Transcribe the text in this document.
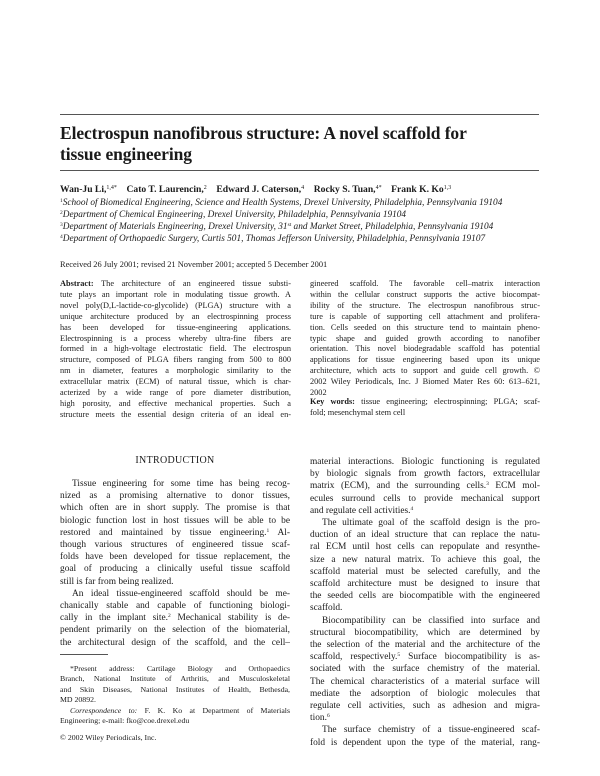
Electrospun nanofibrous structure: A novel scaffold for
tissue engineering
Wan-Ju Li,$^{1,4*}$  Cato T. Laurencin,$^2$  Edward J. Caterson,$^4$  Rocky S. Tuan,$^{4*}$  Frank K. Ko$^{1,3}$
$^1$School of Biomedical Engineering, Science and Health Systems, Drexel University, Philadelphia, Pennsylvania 19104
$^2$Department of Chemical Engineering, Drexel University, Philadelphia, Pennsylvania 19104
$^3$Department of Materials Engineering, Drexel University, 31st and Market Street, Philadelphia, Pennsylvania 19104
$^4$Department of Orthopaedic Surgery, Curtis 501, Thomas Jefferson University, Philadelphia, Pennsylvania 19107
Received 26 July 2001; revised 21 November 2001; accepted 5 December 2001
Abstract: The architecture of an engineered tissue substi-
tute plays an important role in modulating tissue growth. A
novel poly(D,L-lactide-co-glycolide) (PLGA) structure with a
unique architecture produced by an electrospinning process
has been developed for tissue-engineering applications.
Electrospinning is a process whereby ultra-fine fibers are
formed in a high-voltage electrostatic field. The electrospun
structure, composed of PLGA fibers ranging from 500 to 800
nm in diameter, features a morphologic similarity to the
extracellular matrix (ECM) of natural tissue, which is char-
acterized by a wide range of pore diameter distribution,
high porosity, and effective mechanical properties. Such a
structure meets the essential design criteria of an ideal en-
gineered scaffold. The favorable cell–matrix interaction
within the cellular construct supports the active biocompat-
ibility of the structure. The electrospun nanofibrous struc-
ture is capable of supporting cell attachment and prolifera-
tion. Cells seeded on this structure tend to maintain pheno-
typic shape and guided growth according to nanofiber
orientation. This novel biodegradable scaffold has potential
applications for tissue engineering based upon its unique
architecture, which acts to support and guide cell growth. ©
2002 Wiley Periodicals, Inc. J Biomed Mater Res 60: 613–621,
2002
Key words: tissue engineering; electrospinning; PLGA; scaf-
fold; mesenchymal stem cell
INTRODUCTION
Tissue engineering for some time has being recog-
nized as a promising alternative to donor tissues,
which often are in short supply. The promise is that
biologic function lost in host tissues will be able to be
restored and maintained by tissue engineering.$^1$ Al-
though various structures of engineered tissue scaf-
folds have been developed for tissue replacement, the
goal of producing a clinically useful tissue scaffold
still is far from being realized.
An ideal tissue-engineered scaffold should be me-
chanically stable and capable of functioning biologi-
cally in the implant site.$^2$ Mechanical stability is de-
pendent primarily on the selection of the biomaterial,
the architectural design of the scaffold, and the cell–
material interactions. Biologic functioning is regulated
by biologic signals from growth factors, extracellular
matrix (ECM), and the surrounding cells.$^3$ ECM mol-
ecules surround cells to provide mechanical support
and regulate cell activities.$^4$
The ultimate goal of the scaffold design is the pro-
duction of an ideal structure that can replace the natu-
ral ECM until host cells can repopulate and resynthe-
size a new natural matrix. To achieve this goal, the
scaffold material must be selected carefully, and the
scaffold architecture must be designed to insure that
the seeded cells are biocompatible with the engineered
scaffold.
Biocompatibility can be classified into surface and
structural biocompatibility, which are determined by
the selection of the material and the architecture of the
scaffold, respectively.$^5$ Surface biocompatibility is as-
sociated with the surface chemistry of the material.
The chemical characteristics of a material surface will
mediate the adsorption of biologic molecules that
regulate cell activities, such as adhesion and migra-
tion.$^6$
The surface chemistry of a tissue-engineered scaf-
fold is dependent upon the type of the material, rang-
*Present address: Cartilage Biology and Orthopaedics
Branch, National Institute of Arthritis, and Musculoskeletal
and Skin Diseases, National Institutes of Health, Bethesda,
MD 20892.
Correspondence to: F. K. Ko at Department of Materials
Engineering; e-mail: fko@coe.drexel.edu
© 2002 Wiley Periodicals, Inc.
